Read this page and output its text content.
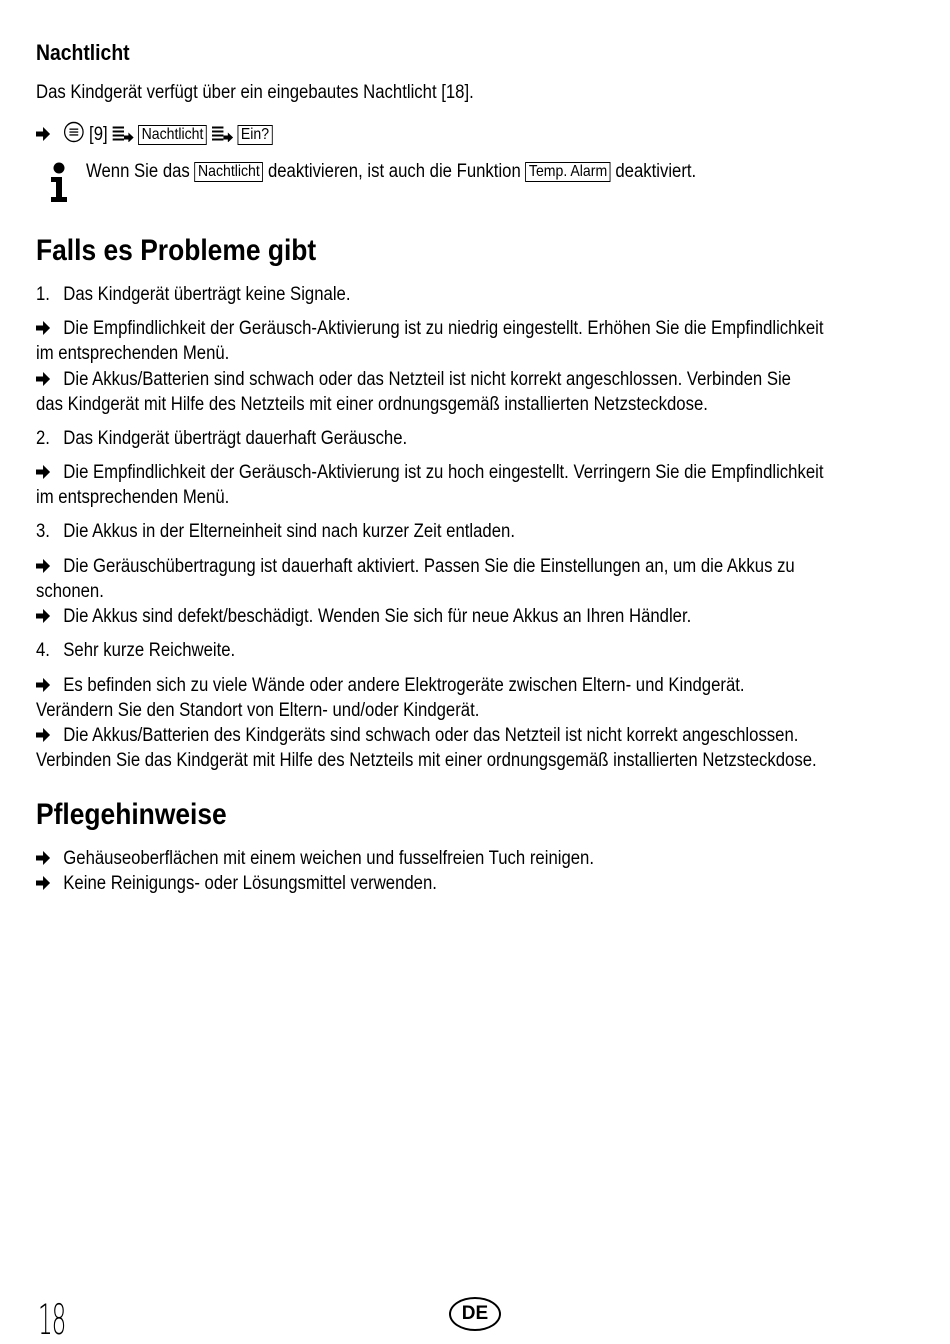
Nachtlicht
Das Kindgerät verfügt über ein eingebautes Nachtlicht [18].
[9] Nachtlicht Ein?
Wenn Sie das Nachtlicht deaktivieren, ist auch die Funktion Temp. Alarm deaktiviert.
Falls es Probleme gibt
1. Das Kindgerät überträgt keine Signale.
Die Empfindlichkeit der Geräusch-Aktivierung ist zu niedrig eingestellt. Erhöhen Sie die Empfindlichkeit
im entsprechenden Menü.
Die Akkus/Batterien sind schwach oder das Netzteil ist nicht korrekt angeschlossen. Verbinden Sie
das Kindgerät mit Hilfe des Netzteils mit einer ordnungsgemäß installierten Netzsteckdose.
2. Das Kindgerät überträgt dauerhaft Geräusche.
Die Empfindlichkeit der Geräusch-Aktivierung ist zu hoch eingestellt. Verringern Sie die Empfindlichkeit
im entsprechenden Menü.
3. Die Akkus in der Elterneinheit sind nach kurzer Zeit entladen.
Die Geräuschübertragung ist dauerhaft aktiviert. Passen Sie die Einstellungen an, um die Akkus zu
schonen.
Die Akkus sind defekt/beschädigt. Wenden Sie sich für neue Akkus an Ihren Händler.
4. Sehr kurze Reichweite.
Es befinden sich zu viele Wände oder andere Elektrogeräte zwischen Eltern- und Kindgerät.
Verändern Sie den Standort von Eltern- und/oder Kindgerät.
Die Akkus/Batterien des Kindgeräts sind schwach oder das Netzteil ist nicht korrekt angeschlossen.
Verbinden Sie das Kindgerät mit Hilfe des Netzteils mit einer ordnungsgemäß installierten Netzsteckdose.
Pflegehinweise
Gehäuseoberflächen mit einem weichen und fusselfreien Tuch reinigen.
Keine Reinigungs- oder Lösungsmittel verwenden.
18	DE
